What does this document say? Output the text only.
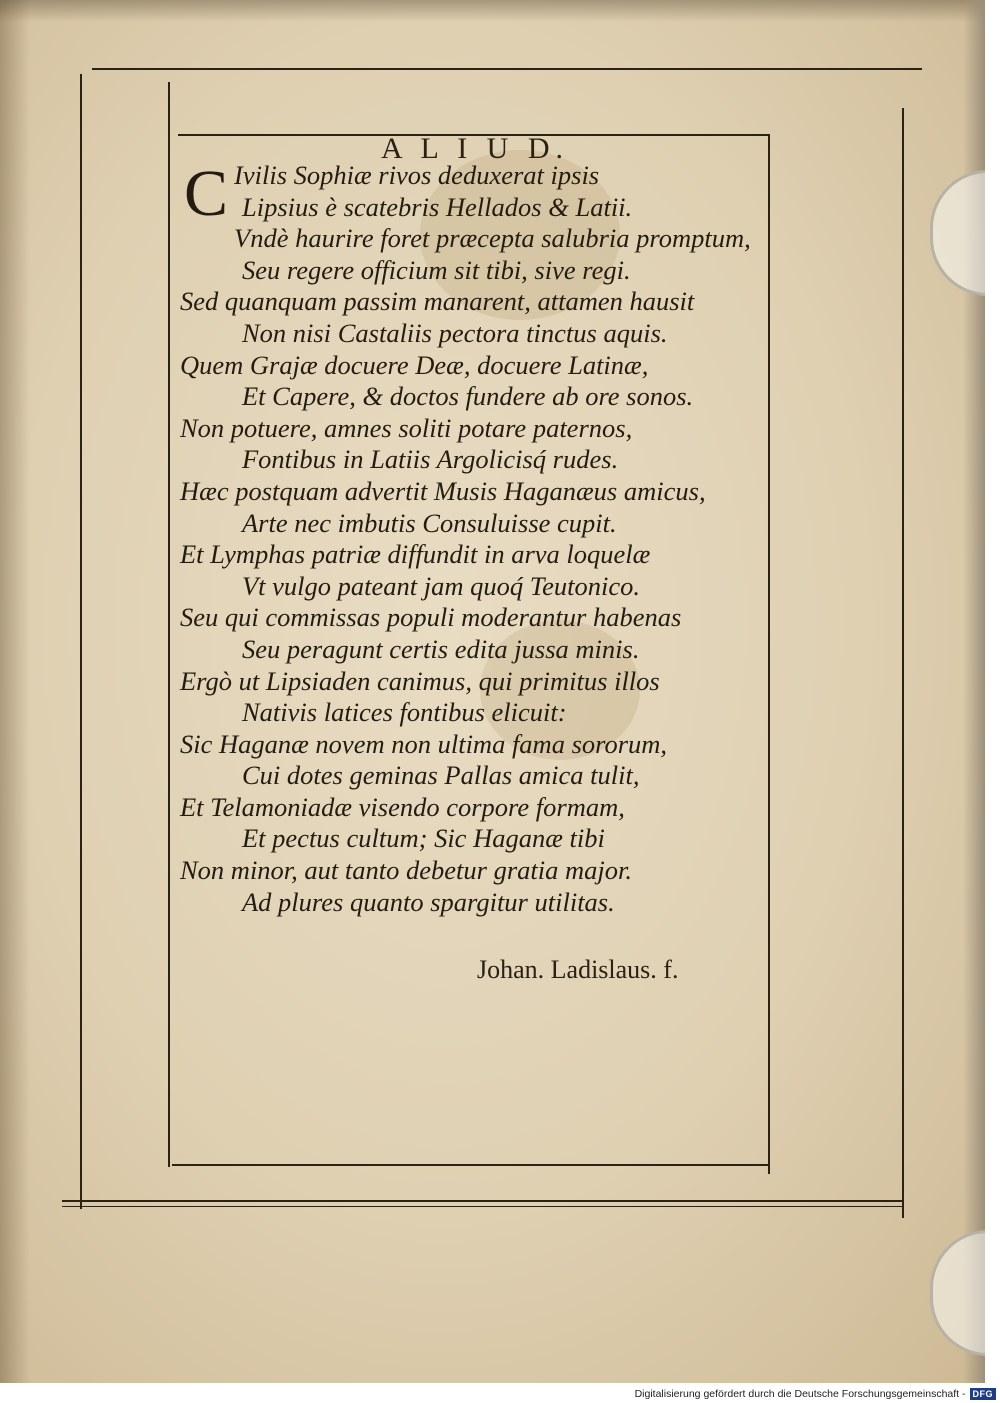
A L I U D.
C Ivilis Sophiæ rivos deduxerat ipsis
Lipsius è scatebris Hellados & Latii.
Vndè haurire foret præcepta salubria promptum,
Seu regere officium sit tibi, sive regi.
Sed quanquam passim manarent, attamen hausit
Non nisi Castaliis pectora tinctus aquis.
Quem Grajæ docuere Deæ, docuere Latinæ,
Et Capere, & doctos fundere ab ore sonos.
Non potuere, amnes soliti potare paternos,
Fontibus in Latiis Argolicisq́ rudes.
Hæc postquam advertit Musis Haganæus amicus,
Arte nec imbutis Consuluisse cupit.
Et Lymphas patriæ diffundit in arva loquelæ
Vt vulgo pateant jam quoq́ Teutonico.
Seu qui commissas populi moderantur habenas
Seu peragunt certis edita jussa minis.
Ergò ut Lipsiaden canimus, qui primitus illos
Nativis latices fontibus elicuit:
Sic Haganæ novem non ultima fama sororum,
Cui dotes geminas Pallas amica tulit,
Et Telamoniadæ visendo corpore formam,
Et pectus cultum; Sic Haganæ tibi
Non minor, aut tanto debetur gratia major.
Ad plures quanto spargitur utilitas.
Johan. Ladislaus. f.
Digitalisierung gefördert durch die Deutsche Forschungsgemeinschaft - DFG
